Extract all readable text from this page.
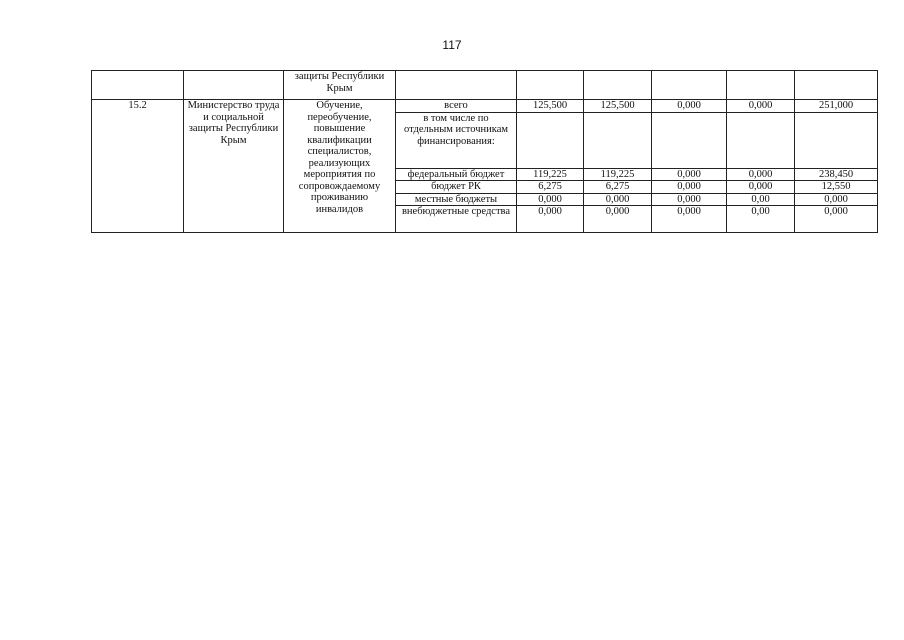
117
		защиты Республики Крым						
15.2	Министерство труда и социальной защиты Республики Крым	Обучение, переобучение, повышение квалификации специалистов, реализующих мероприятия по сопровождаемому проживанию инвалидов	всего	125,500	125,500	0,000	0,000	251,000
			в том числе по отдельным источникам финансирования:					
			федеральный бюджет	119,225	119,225	0,000	0,000	238,450
			бюджет РК	6,275	6,275	0,000	0,000	12,550
			местные бюджеты	0,000	0,000	0,000	0,00	0,000
			внебюджетные средства	0,000	0,000	0,000	0,00	0,000
